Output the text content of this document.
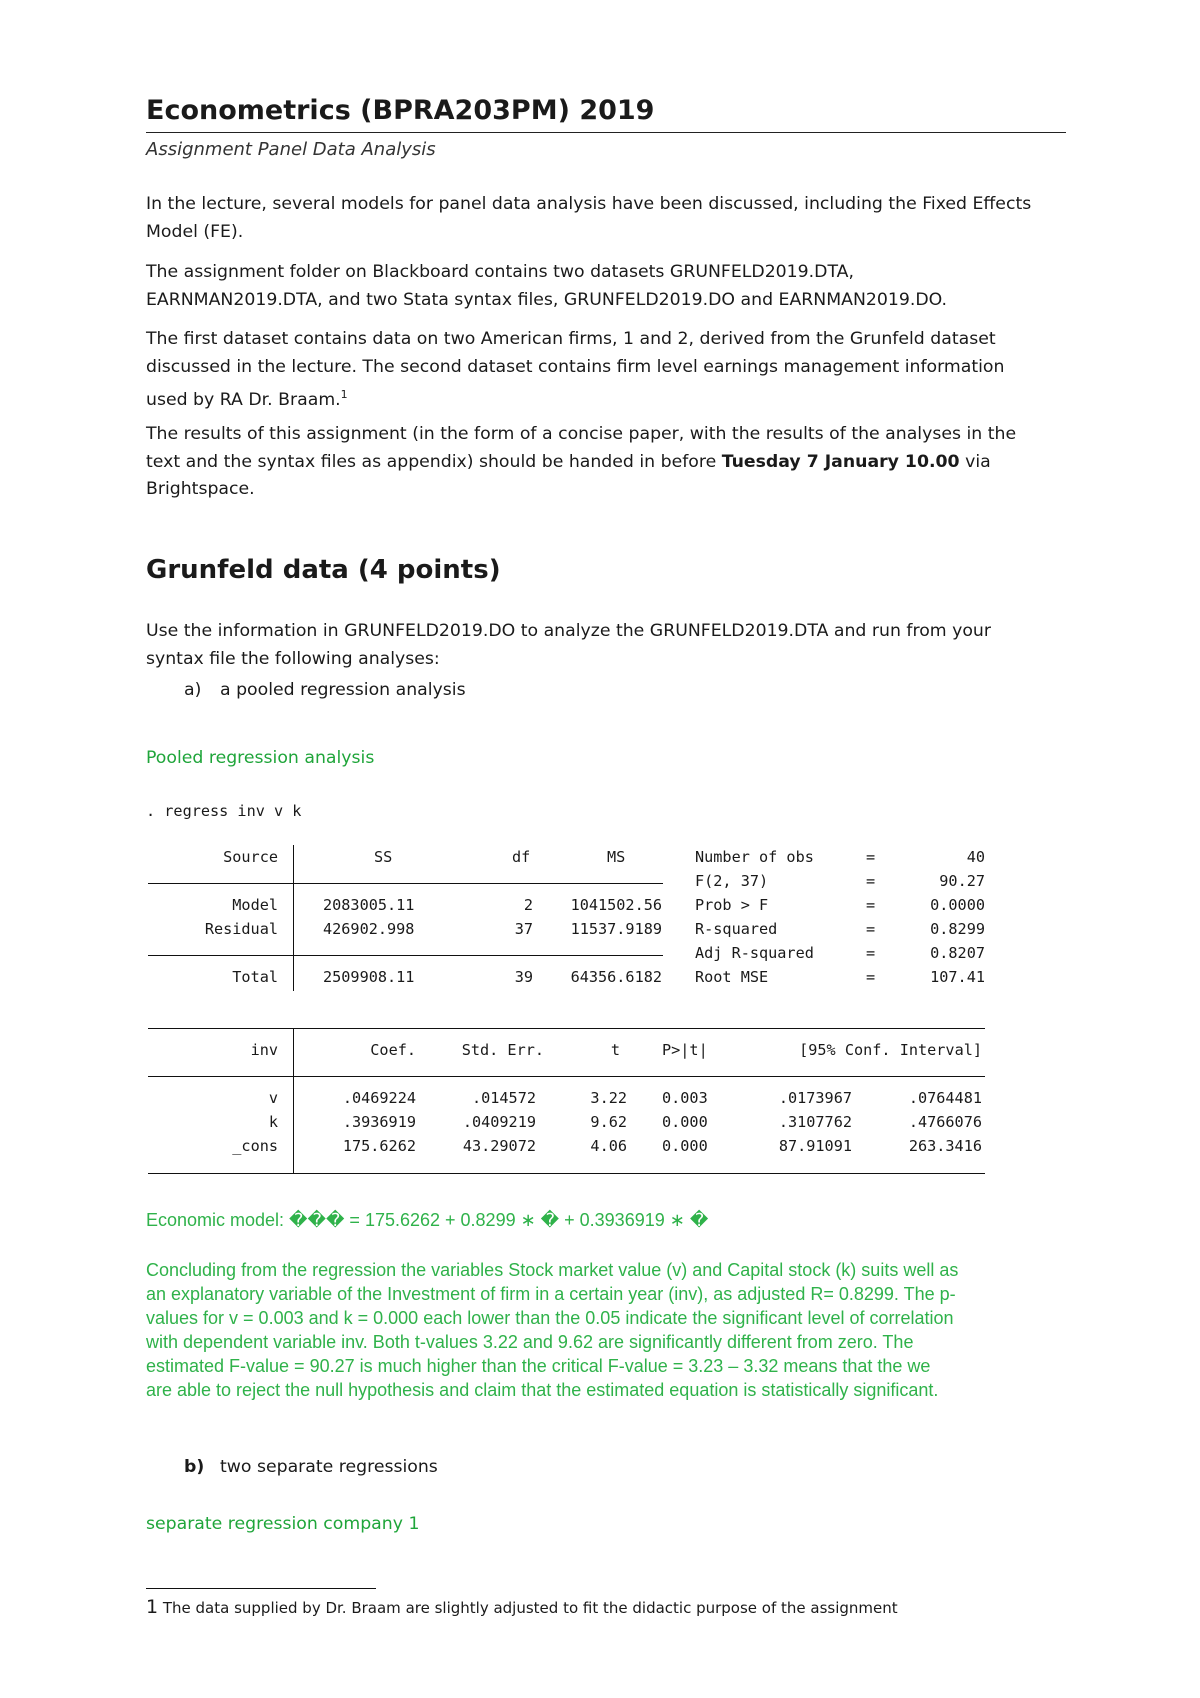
Econometrics (BPRA203PM) 2019
Assignment Panel Data Analysis
In the lecture, several models for panel data analysis have been discussed, including the Fixed Effects
Model (FE).
The assignment folder on Blackboard contains two datasets GRUNFELD2019.DTA,
EARNMAN2019.DTA, and two Stata syntax files, GRUNFELD2019.DO and EARNMAN2019.DO.
The first dataset contains data on two American firms, 1 and 2, derived from the Grunfeld dataset
discussed in the lecture. The second dataset contains firm level earnings management information
used by RA Dr. Braam.$^1$
The results of this assignment (in the form of a concise paper, with the results of the analyses in the
text and the syntax files as appendix) should be handed in before Tuesday 7 January 10.00 via
Brightspace.
Grunfeld data (4 points)
Use the information in GRUNFELD2019.DO to analyze the GRUNFELD2019.DTA and run from your
syntax file the following analyses:
a) a pooled regression analysis
Pooled regression analysis
. regress inv v k
Source	SS	df	MS
Model	2083005.11	2	1041502.56
Residual	426902.998	37	11537.9189
Total	2509908.11	39	64356.6182
Number of obs	=	40
F(2, 37)	=	90.27
Prob > F	=	0.0000
R-squared	=	0.8299
Adj R-squared	=	0.8207
Root MSE	=	107.41
inv	Coef.	Std. Err.	t	P>|t|	[95% Conf. Interval]
v	.0469224	.014572	3.22 0.003	.0173967	.0764481
k	.3936919	.0409219	9.62 0.000	.3107762	.4766076
_cons	175.6262	43.29072	4.06 0.000	87.91091	263.3416
Economic model: ��� = 175.6262 + 0.8299 ∗ � + 0.3936919 ∗ �
Concluding from the regression the variables Stock market value (v) and Capital stock (k) suits well as
an explanatory variable of the Investment of firm in a certain year (inv), as adjusted R= 0.8299. The p-
values for v = 0.003 and k = 0.000 each lower than the 0.05 indicate the significant level of correlation
with dependent variable inv. Both t-values 3.22 and 9.62 are significantly different from zero. The
estimated F-value = 90.27 is much higher than the critical F-value = 3.23 – 3.32 means that the we
are able to reject the null hypothesis and claim that the estimated equation is statistically significant.
b) two separate regressions
separate regression company 1
1 The data supplied by Dr. Braam are slightly adjusted to fit the didactic purpose of the assignment
